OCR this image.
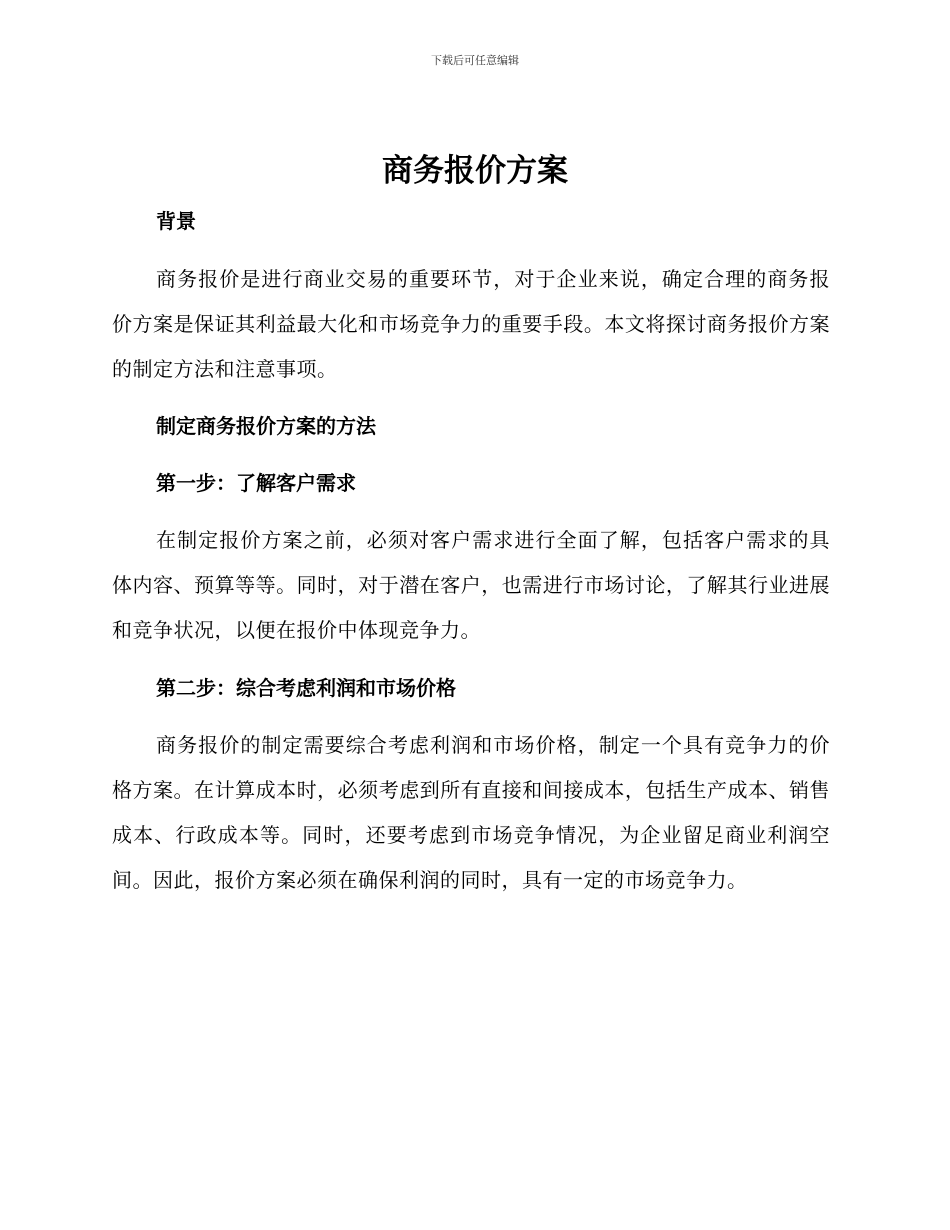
下载后可任意编辑
商务报价方案
背景

商务报价是进行商业交易的重要环节，对于企业来说，确定合理的商务报价方案是保证其利益最大化和市场竞争力的重要手段。本文将探讨商务报价方案的制定方法和注意事项。

制定商务报价方案的方法
第一步：了解客户需求

在制定报价方案之前，必须对客户需求进行全面了解，包括客户需求的具体内容、预算等等。同时，对于潜在客户，也需进行市场讨论，了解其行业进展和竞争状况，以便在报价中体现竞争力。

第二步：综合考虑利润和市场价格

商务报价的制定需要综合考虑利润和市场价格，制定一个具有竞争力的价格方案。在计算成本时，必须考虑到所有直接和间接成本，包括生产成本、销售成本、行政成本等。同时，还要考虑到市场竞争情况，为企业留足商业利润空间。因此，报价方案必须在确保利润的同时，具有一定的市场竞争力。
